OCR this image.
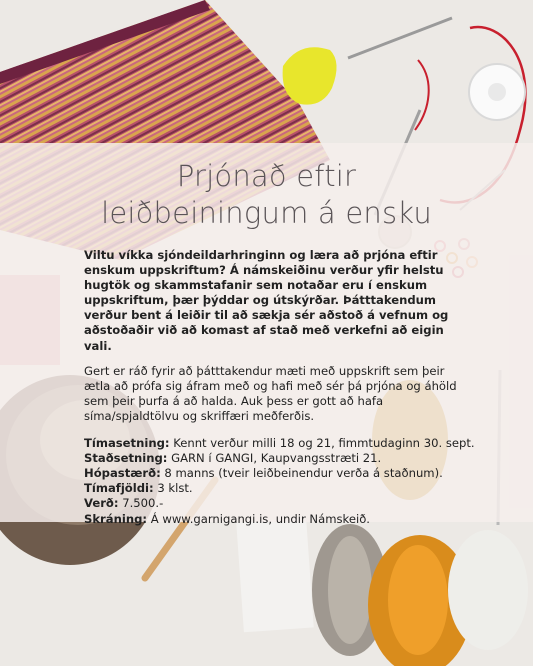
Prjónað eftir
leiðbeiningum á ensku

Viltu víkka sjóndeildarhringinn og læra að prjóna eftir enskum uppskriftum? Á námskeiðinu verður yfir helstu hugtök og skammstafanir sem notaðar eru í enskum uppskriftum, þær þýddar og útskýrðar. Þátttakendum verður bent á leiðir til að sækja sér aðstoð á vefnum og aðstoðaðir við að komast af stað með verkefni að eigin vali.

Gert er ráð fyrir að þátttakendur mæti með uppskrift sem þeir ætla að prófa sig áfram með og hafi með sér þá prjóna og áhöld sem þeir þurfa á að halda. Auk þess er gott að hafa síma/spjaldtölvu og skriffæri meðferðis.

Tímasetning: Kennt verður milli 18 og 21, fimmtudaginn 30. sept.
Staðsetning: GARN í GANGI, Kaupvangsstræti 21.
Hópastærð: 8 manns (tveir leiðbeinendur verða á staðnum).
Tímafjöldi: 3 klst.
Verð: 7.500.-
Skráning: Á www.garnigangi.is, undir Námskeið.
